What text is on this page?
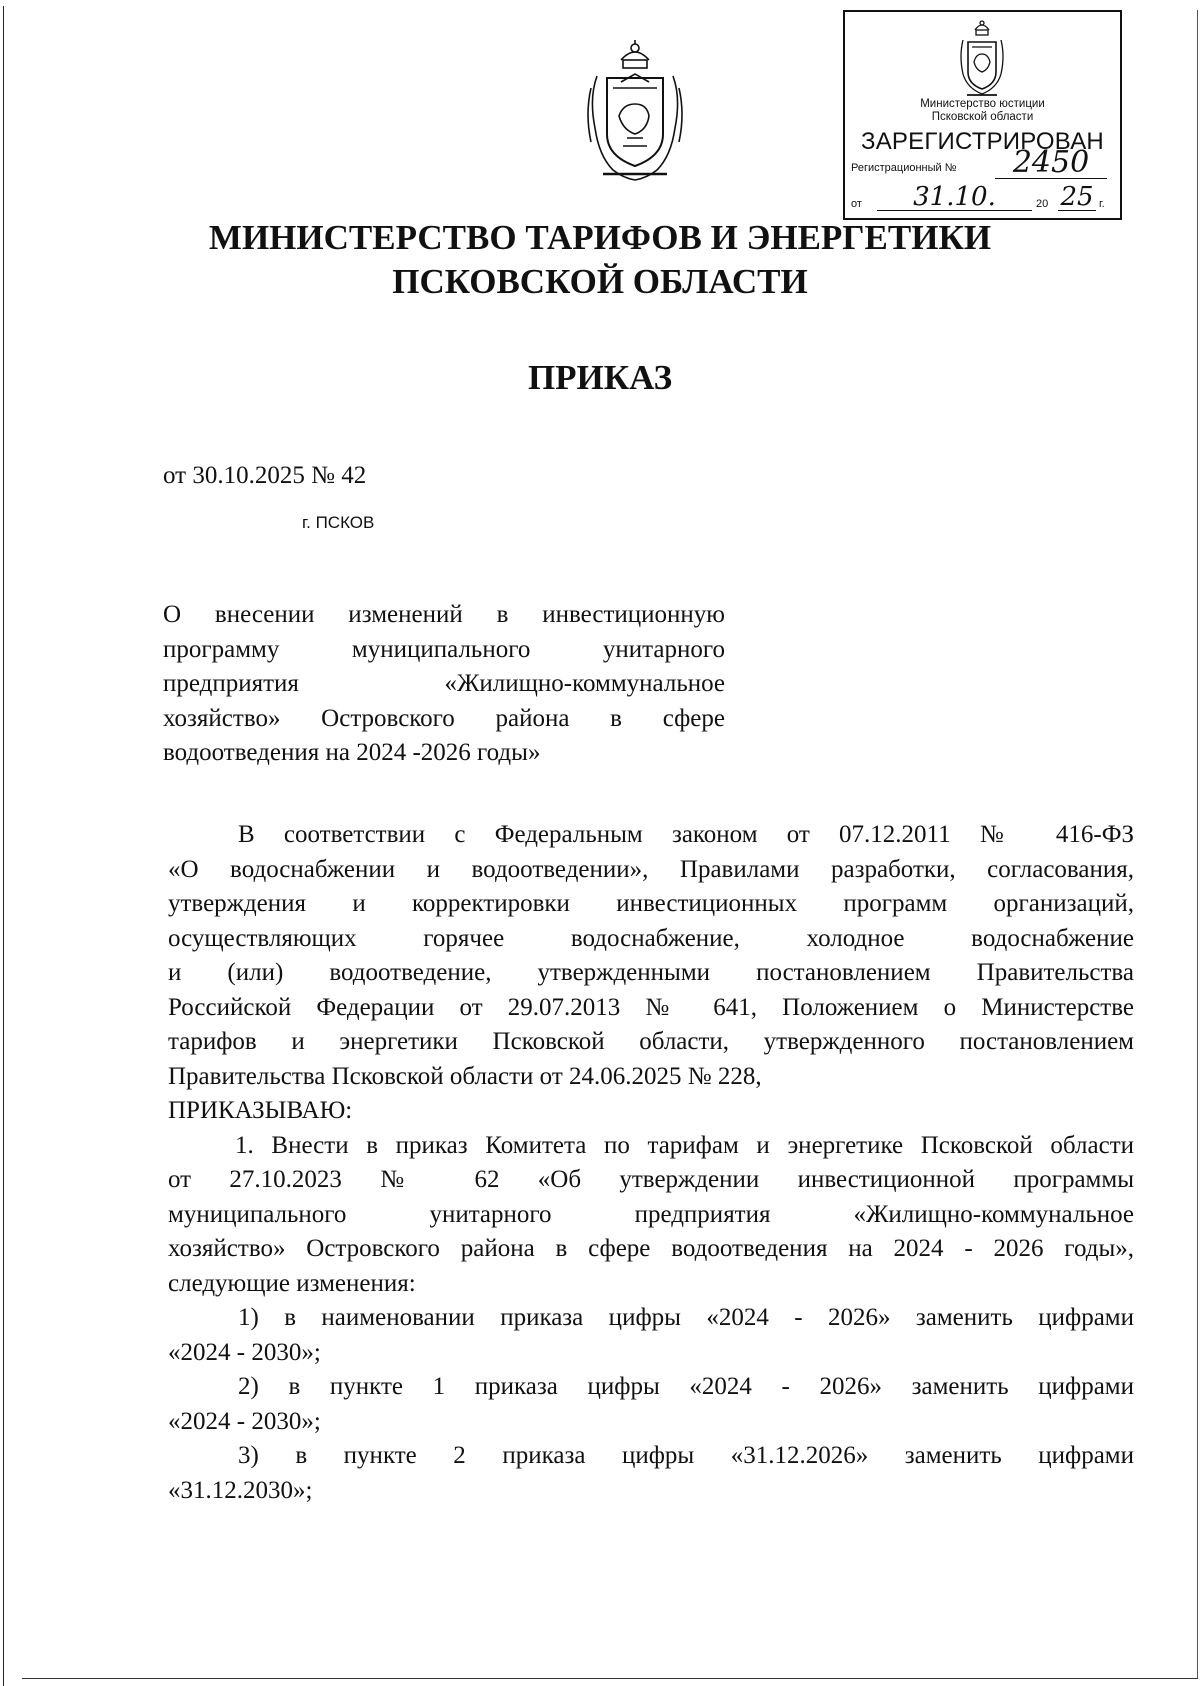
Министерство юстиции
Псковской области
ЗАРЕГИСТРИРОВАН
Регистрационный №	2450
от	31.10.	20 25 г.
МИНИСТЕРСТВО ТАРИФОВ И ЭНЕРГЕТИКИ
ПСКОВСКОЙ ОБЛАСТИ
ПРИКАЗ
от 30.10.2025 № 42
г. ПСКОВ
О внесении изменений в инвестиционную
программу муниципального унитарного
предприятия «Жилищно-коммунальное
хозяйство» Островского района в сфере
водоотведения на 2024 -2026 годы»
В соответствии с Федеральным законом от 07.12.2011 № 416-ФЗ
«О водоснабжении и водоотведении», Правилами разработки, согласования,
утверждения и корректировки инвестиционных программ организаций,
осуществляющих горячее водоснабжение, холодное водоснабжение
и (или) водоотведение, утвержденными постановлением Правительства
Российской Федерации от 29.07.2013 № 641, Положением о Министерстве
тарифов и энергетики Псковской области, утвержденного постановлением
Правительства Псковской области от 24.06.2025 № 228,
ПРИКАЗЫВАЮ:
1. Внести в приказ Комитета по тарифам и энергетике Псковской области
от 27.10.2023 № 62 «Об утверждении инвестиционной программы
муниципального унитарного предприятия «Жилищно-коммунальное
хозяйство» Островского района в сфере водоотведения на 2024 - 2026 годы»,
следующие изменения:
1) в наименовании приказа цифры «2024 - 2026» заменить цифрами
«2024 - 2030»;
2) в пункте 1 приказа цифры «2024 - 2026» заменить цифрами
«2024 - 2030»;
3) в пункте 2 приказа цифры «31.12.2026» заменить цифрами
«31.12.2030»;
